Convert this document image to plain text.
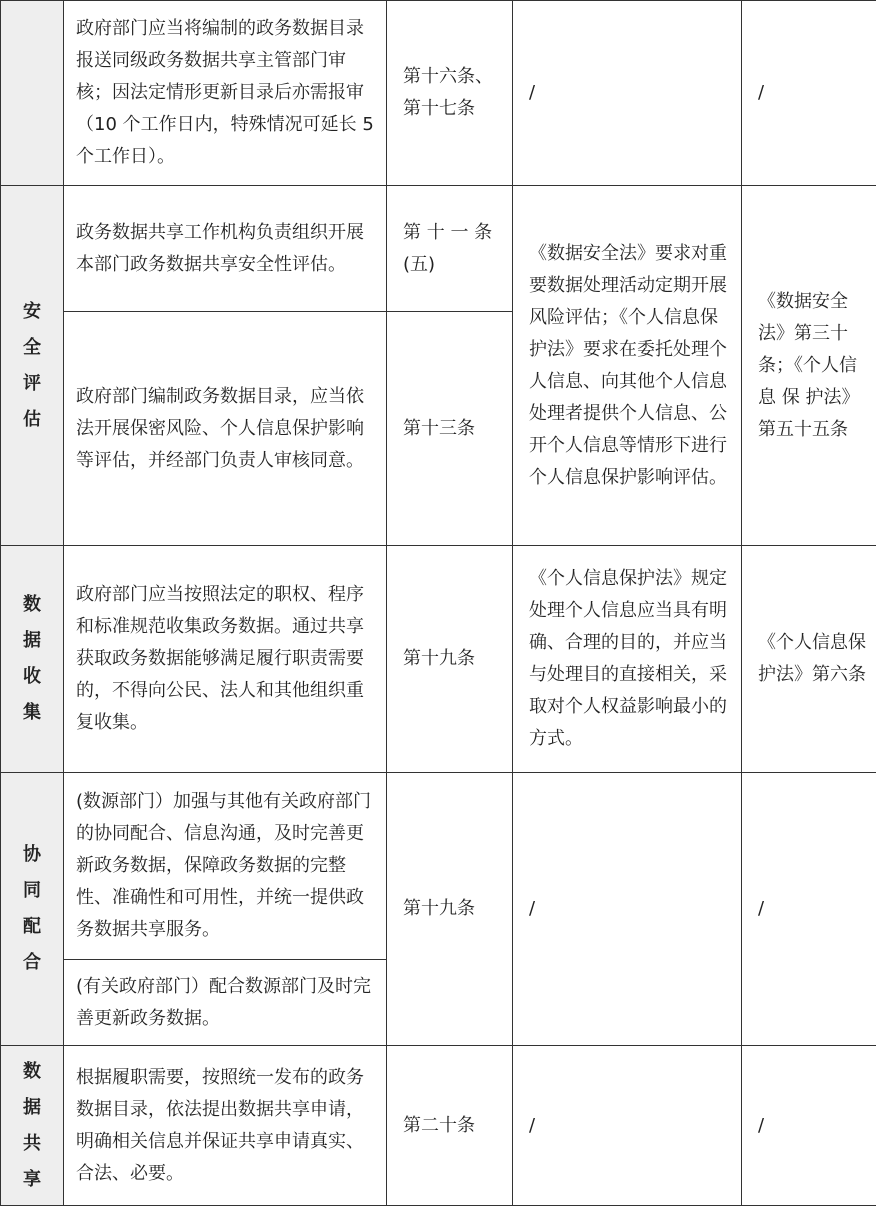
	政府部门应当将编制的政务数据目录报送同级政务数据共享主管部门审核；因法定情形更新目录后亦需报审（10 个工作日内，特殊情况可延长 5 个工作日）。	第十六条、第十七条	/	/
安全评估	政务数据共享工作机构负责组织开展本部门政务数据共享安全性评估。	第 十 一 条(五)	《数据安全法》要求对重要数据处理活动定期开展风险评估；《个人信息保护法》要求在委托处理个人信息、向其他个人信息处理者提供个人信息、公开个人信息等情形下进行个人信息保护影响评估。	《数据安全法》第三十条；《个人信 息 保 护法》第五十五条
	政府部门编制政务数据目录，应当依法开展保密风险、个人信息保护影响等评估，并经部门负责人审核同意。	第十三条		
数据收集	政府部门应当按照法定的职权、程序和标准规范收集政务数据。通过共享获取政务数据能够满足履行职责需要的，不得向公民、法人和其他组织重复收集。	第十九条	《个人信息保护法》规定处理个人信息应当具有明确、合理的目的，并应当与处理目的直接相关，采取对个人权益影响最小的方式。	《个人信息保护法》第六条
协同配合	(数源部门）加强与其他有关政府部门的协同配合、信息沟通，及时完善更新政务数据，保障政务数据的完整性、准确性和可用性，并统一提供政务数据共享服务。	第十九条	/	/
	(有关政府部门）配合数源部门及时完善更新政务数据。			
数据共享	根据履职需要，按照统一发布的政务数据目录，依法提出数据共享申请，明确相关信息并保证共享申请真实、合法、必要。	第二十条	/	/
